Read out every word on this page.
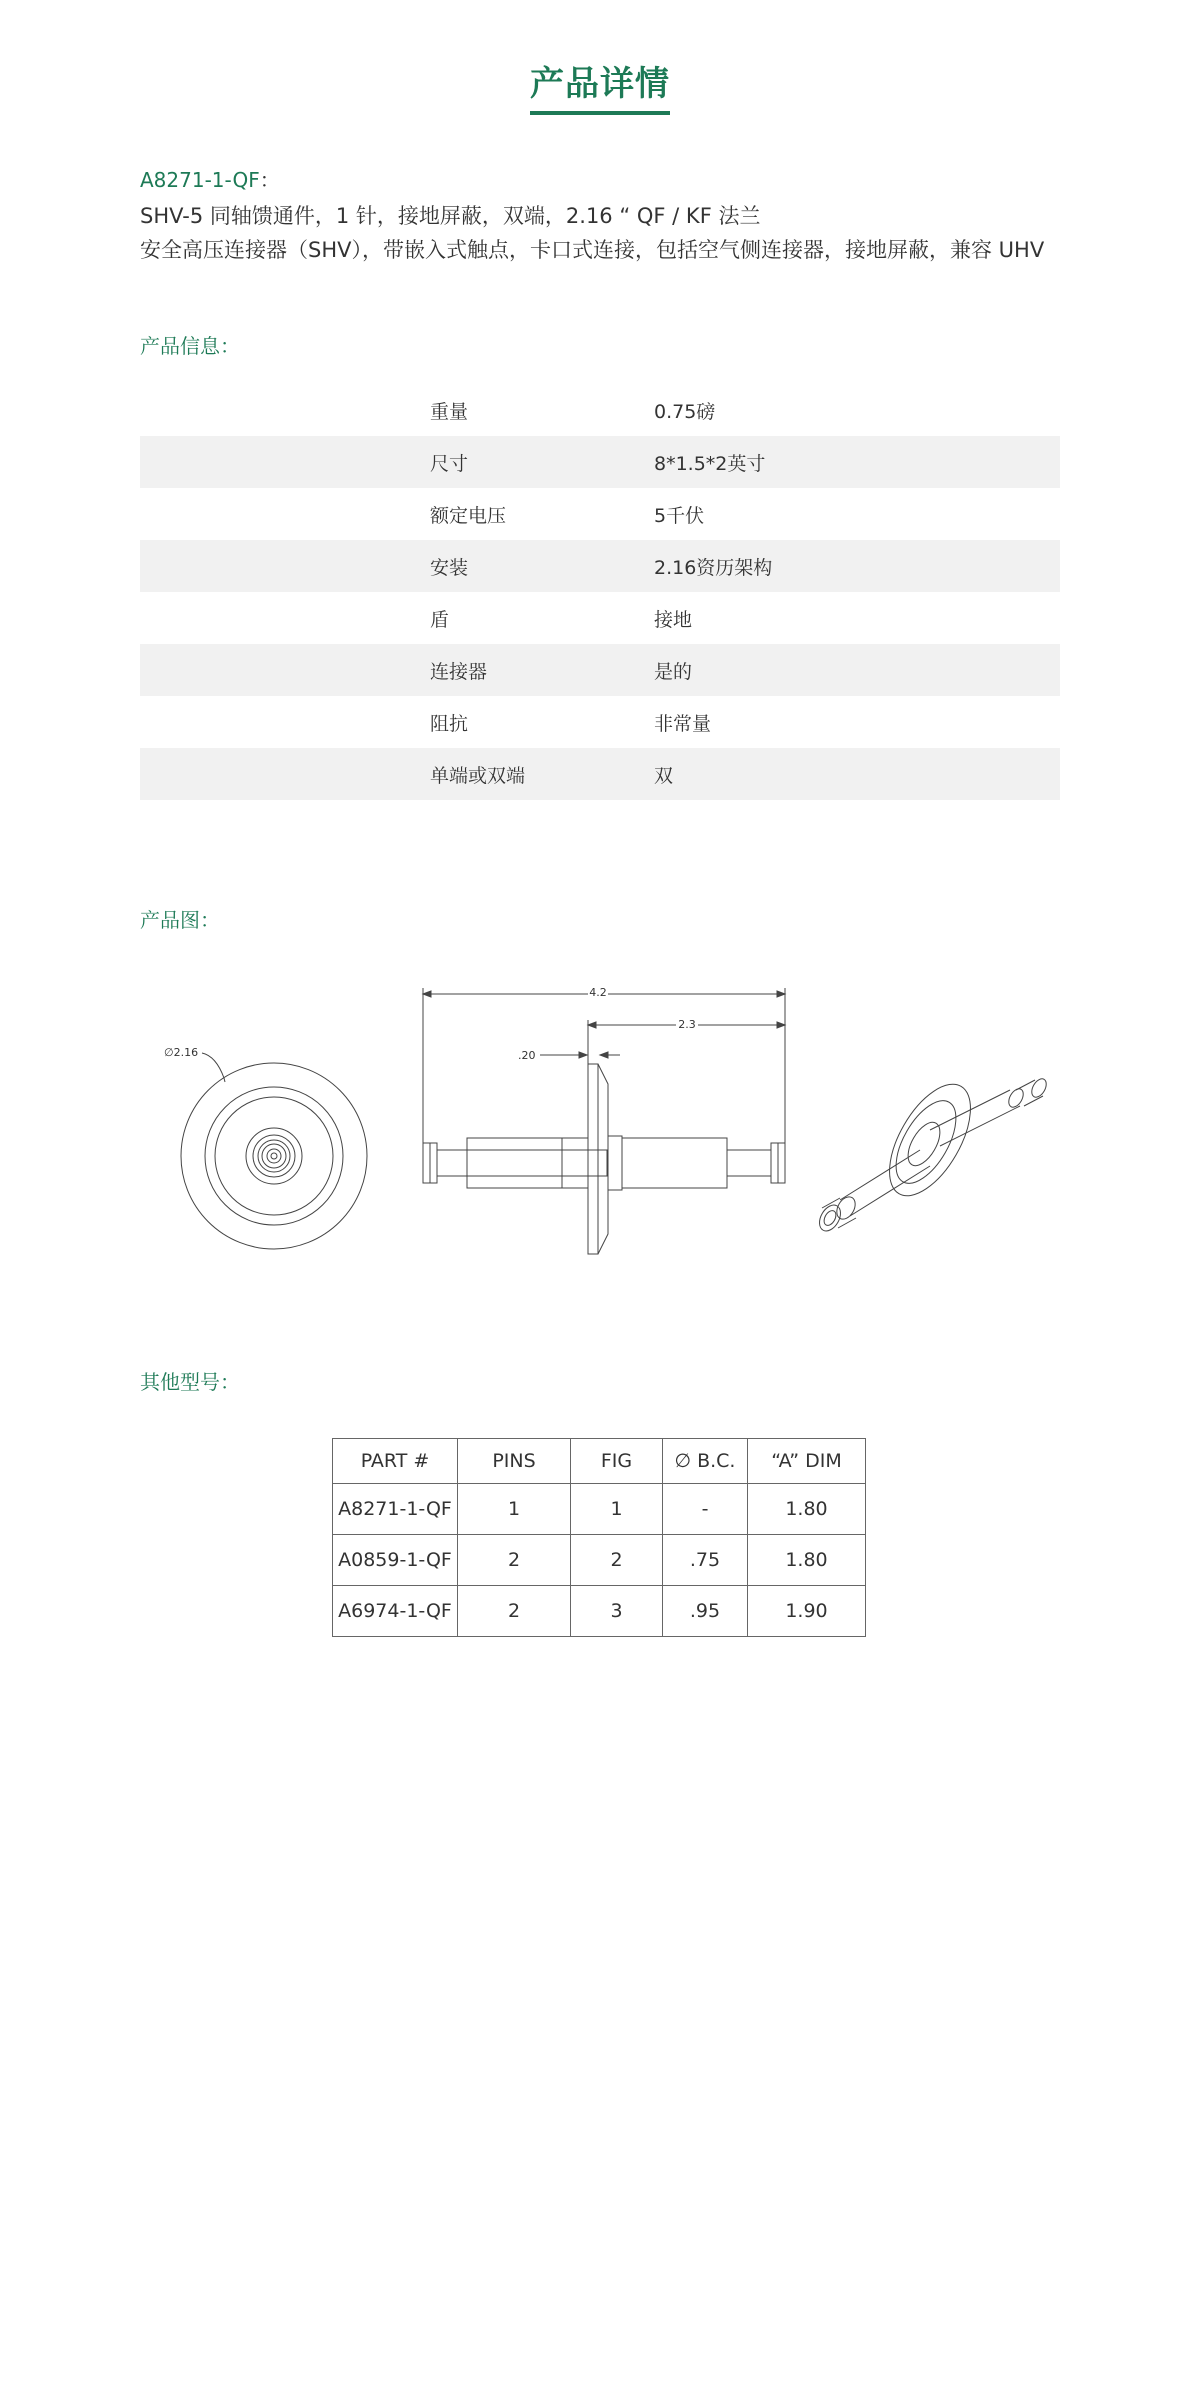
产品详情
A8271-1-QF：
SHV-5 同轴馈通件，1 针，接地屏蔽，双端，2.16 “ QF / KF 法兰
安全高压连接器（SHV），带嵌入式触点，卡口式连接，包括空气侧连接器，接地屏蔽，兼容 UHV
产品信息：
重量	0.75磅
尺寸	8*1.5*2英寸
额定电压	5千伏
安装	2.16资历架构
盾	接地
连接器	是的
阻抗	非常量
单端或双端	双
产品图：
∅2.16
4.2
2.3
.20
其他型号：
PART #	PINS	FIG	∅ B.C.	“A” DIM
A8271-1-QF	1	1	-	1.80
A0859-1-QF	2	2	.75	1.80
A6974-1-QF	2	3	.95	1.90
